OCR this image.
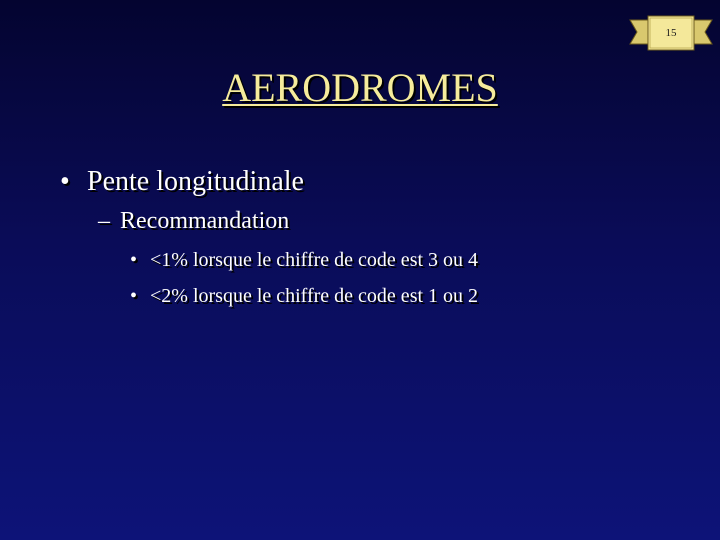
15
AERODROMES
• Pente longitudinale
– Recommandation
• <1% lorsque le chiffre de code est 3 ou 4
• <2% lorsque le chiffre de code est 1 ou 2
